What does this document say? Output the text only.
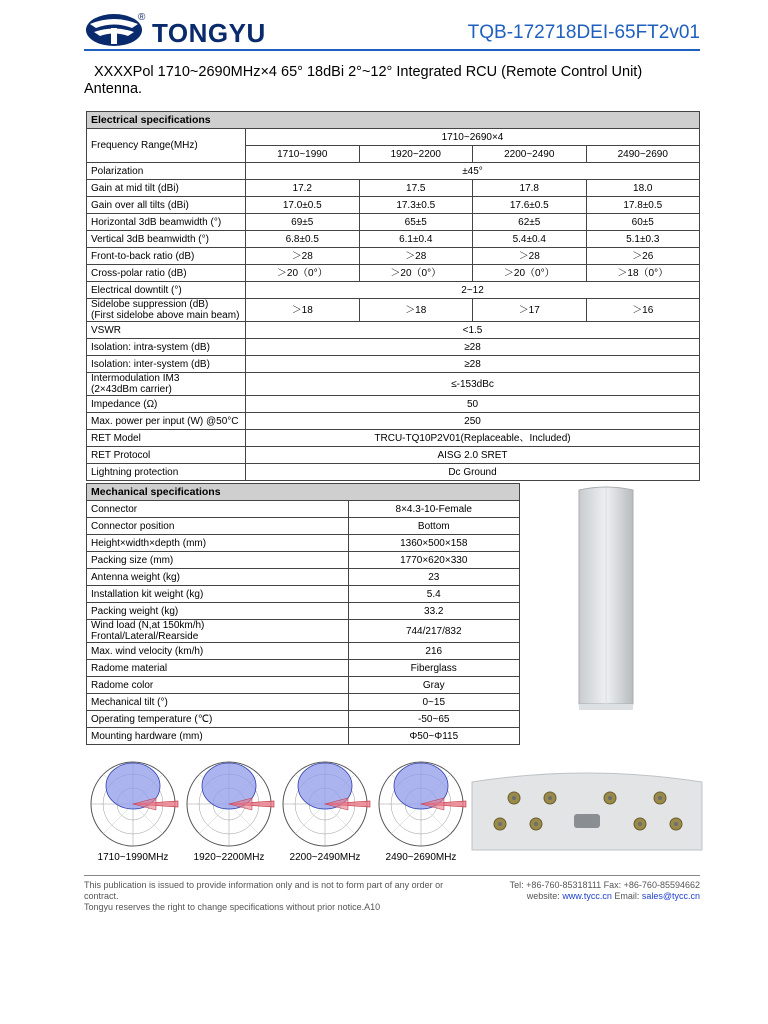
®
TONGYU	TQB-172718DEI-65FT2v01
XXXXPol 1710~2690MHz×4 65° 18dBi 2°~12° Integrated RCU (Remote Control Unit) Antenna.
Electrical specifications				
Frequency Range(MHz)	1710~2690×4			
	1710~1990	1920~2200	2200~2490	2490~2690
Polarization	±45°			
Gain at mid tilt (dBi)	17.2	17.5	17.8	18.0
Gain over all tilts (dBi)	17.0±0.5	17.3±0.5	17.6±0.5	17.8±0.5
Horizontal 3dB beamwidth (°)	69±5	65±5	62±5	60±5
Vertical 3dB beamwidth (°)	6.8±0.5	6.1±0.4	5.4±0.4	5.1±0.3
Front-to-back ratio (dB)	＞28	＞28	＞28	＞26
Cross-polar ratio (dB)	＞20（0°）	＞20（0°）	＞20（0°）	＞18（0°）
Electrical downtilt (°)	2~12			

Sidelobe suppression (dB)
(First sidelobe above main beam)	＞18	＞18	＞17	＞16
VSWR	<1.5			
Isolation: intra-system (dB)	≥28			
Isolation: inter-system (dB)	≥28			

Intermodulation IM3
(2×43dBm carrier)	≤-153dBc			
Impedance (Ω)	50			
Max. power per input (W) @50°C	250			
RET Model	TRCU-TQ10P2V01(Replaceable、Included)			
RET Protocol	AISG 2.0 SRET			
Lightning protection	Dc Ground			
Mechanical specifications	
Connector	8×4.3-10-Female
Connector position	Bottom
Height×width×depth (mm)	1360×500×158
Packing size (mm)	1770×620×330
Antenna weight (kg)	23
Installation kit weight (kg)	5.4
Packing weight (kg)	33.2

Wind load (N,at 150km/h)
Frontal/Lateral/Rearside	744/217/832
Max. wind velocity (km/h)	216
Radome material	Fiberglass
Radome color	Gray
Mechanical tilt (°)	0~15
Operating temperature (℃)	-50~65
Mounting hardware (mm)	Φ50~Φ115
1710~1990MHz	1920~2200MHz	2200~2490MHz	2490~2690MHz
This publication is issued to provide information only and is not to form part of any order or contract.
Tongyu reserves the right to change specifications without prior notice.A10
Tel: +86-760-85318111 Fax: +86-760-85594662
website: www.tycc.cn Email: sales@tycc.cn
